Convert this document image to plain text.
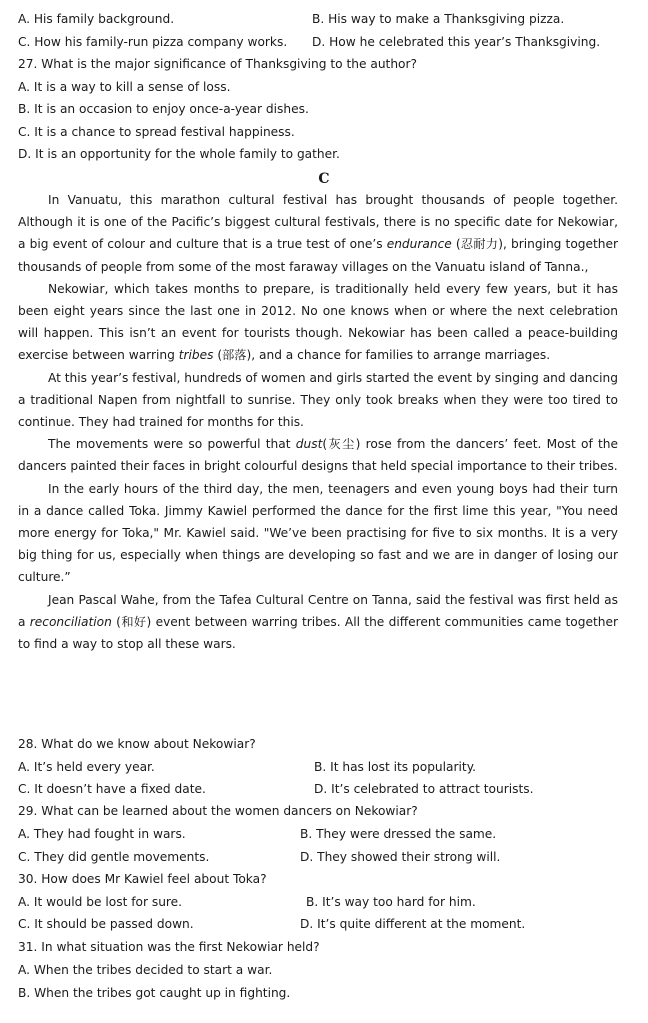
A. His family background.	B. His way to make a Thanksgiving pizza.
C. How his family-run pizza company works. D. How he celebrated this year’s Thanksgiving.
27. What is the major significance of Thanksgiving to the author?
A. It is a way to kill a sense of loss.
B. It is an occasion to enjoy once-a-year dishes.
C. It is a chance to spread festival happiness.
D. It is an opportunity for the whole family to gather.
C

In Vanuatu, this marathon cultural festival has brought thousands of people together. Although it is one of the Pacific’s biggest cultural festivals, there is no specific date for Nekowiar, a big event of colour and culture that is a true test of one’s endurance (忍耐力), bringing together thousands of people from some of the most faraway villages on the Vanuatu island of Tanna.,

Nekowiar, which takes months to prepare, is traditionally held every few years, but it has been eight years since the last one in 2012. No one knows when or where the next celebration will happen. This isn’t an event for tourists though. Nekowiar has been called a peace-building exercise between warring tribes (部落), and a chance for families to arrange marriages.

At this year’s festival, hundreds of women and girls started the event by singing and dancing a traditional Napen from nightfall to sunrise. They only took breaks when they were too tired to continue. They had trained for months for this.

The movements were so powerful that dust(灰尘) rose from the dancers’ feet. Most of the dancers painted their faces in bright colourful designs that held special importance to their tribes.

In the early hours of the third day, the men, teenagers and even young boys had their turn in a dance called Toka. Jimmy Kawiel performed the dance for the first lime this year, "You need more energy for Toka," Mr. Kawiel said. "We’ve been practising for five to six months. It is a very big thing for us, especially when things are developing so fast and we are in danger of losing our culture.”

Jean Pascal Wahe, from the Tafea Cultural Centre on Tanna, said the festival was first held as a reconciliation (和好) event between warring tribes. All the different communities came together to find a way to stop all these wars.

28. What do we know about Nekowiar?
A. It’s held every year.	B. It has lost its popularity.
C. It doesn’t have a fixed date.	D. It’s celebrated to attract tourists.
29. What can be learned about the women dancers on Nekowiar?
A. They had fought in wars.	B. They were dressed the same.
C. They did gentle movements.	D. They showed their strong will.
30. How does Mr Kawiel feel about Toka?
A. It would be lost for sure.	B. It’s way too hard for him.
C. It should be passed down.	D. It’s quite different at the moment.
31. In what situation was the first Nekowiar held?
A. When the tribes decided to start a war.
B. When the tribes got caught up in fighting.
